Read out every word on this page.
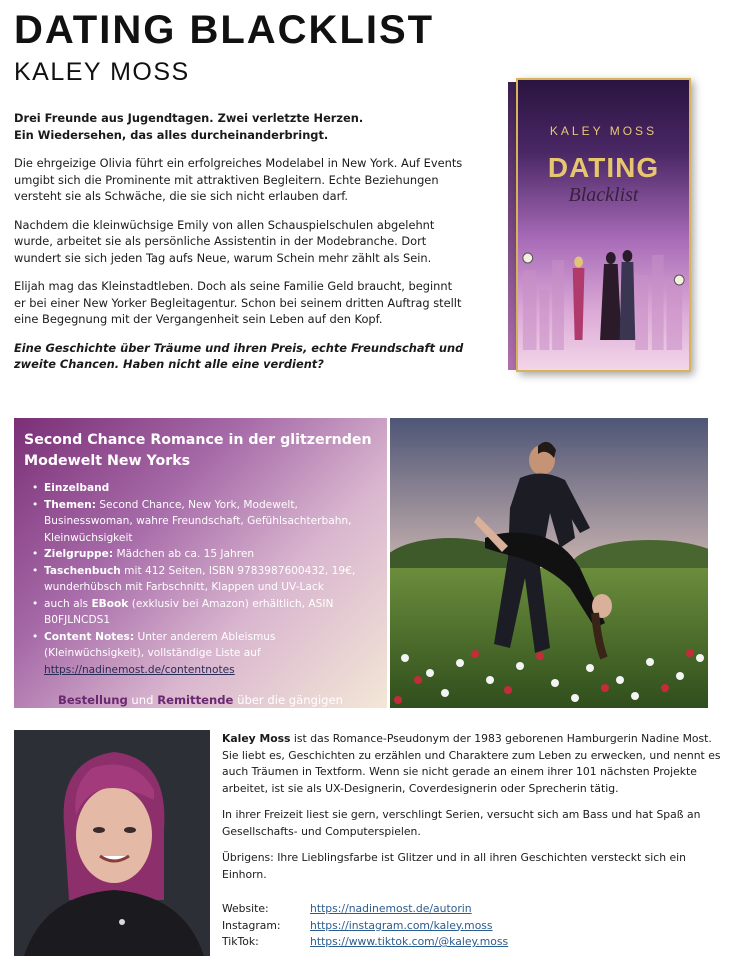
DATING BLACKLIST
KALEY MOSS

Drei Freunde aus Jugendtagen. Zwei verletzte Herzen.
Ein Wiedersehen, das alles durcheinanderbringt.

Die ehrgeizige Olivia führt ein erfolgreiches Modelabel in New York. Auf Events umgibt sich die Prominente mit attraktiven Begleitern. Echte Beziehungen versteht sie als Schwäche, die sie sich nicht erlauben darf.

Nachdem die kleinwüchsige Emily von allen Schauspielschulen abgelehnt wurde, arbeitet sie als persönliche Assistentin in der Modebranche. Dort wundert sie sich jeden Tag aufs Neue, warum Schein mehr zählt als Sein.

Elijah mag das Kleinstadtleben. Doch als seine Familie Geld braucht, beginnt er bei einer New Yorker Begleitagentur. Schon bei seinem dritten Auftrag stellt eine Begegnung mit der Vergangenheit sein Leben auf den Kopf.

Eine Geschichte über Träume und ihren Preis, echte Freundschaft und zweite Chancen. Haben nicht alle eine verdient?

KALEY MOSS
DATING
Blacklist
Second Chance Romance in der glitzernden Modewelt New Yorks
• Einzelband
• Themen: Second Chance, New York, Modewelt, Businesswoman, wahre Freundschaft, Gefühlsachterbahn, Kleinwüchsigkeit
• Zielgruppe: Mädchen ab ca. 15 Jahren
• Taschenbuch mit 412 Seiten, ISBN 9783987600432, 19€, wunderhübsch mit Farbschnitt, Klappen und UV-Lack
• auch als EBook (exklusiv bei Amazon) erhältlich, ASIN B0FJLNCDS1
• Content Notes: Unter anderem Ableismus (Kleinwüchsigkeit), vollständige Liste auf https://nadinemost.de/contentnotes
Bestellung und Remittende über die gängigen Barsortimente verfügbar

Kaley Moss ist das Romance-Pseudonym der 1983 geborenen Hamburgerin Nadine Most. Sie liebt es, Geschichten zu erzählen und Charaktere zum Leben zu erwecken, und nennt es auch Träumen in Textform. Wenn sie nicht gerade an einem ihrer 101 nächsten Projekte arbeitet, ist sie als UX-Designerin, Coverdesignerin oder Sprecherin tätig.

In ihrer Freizeit liest sie gern, verschlingt Serien, versucht sich am Bass und hat Spaß an Gesellschafts- und Computerspielen.

Übrigens: Ihre Lieblingsfarbe ist Glitzer und in all ihren Geschichten versteckt sich ein Einhorn.

Website:	https://nadinemost.de/autorin
Instagram:	https://instagram.com/kaley.moss
TikTok:	https://www.tiktok.com/@kaley.moss
